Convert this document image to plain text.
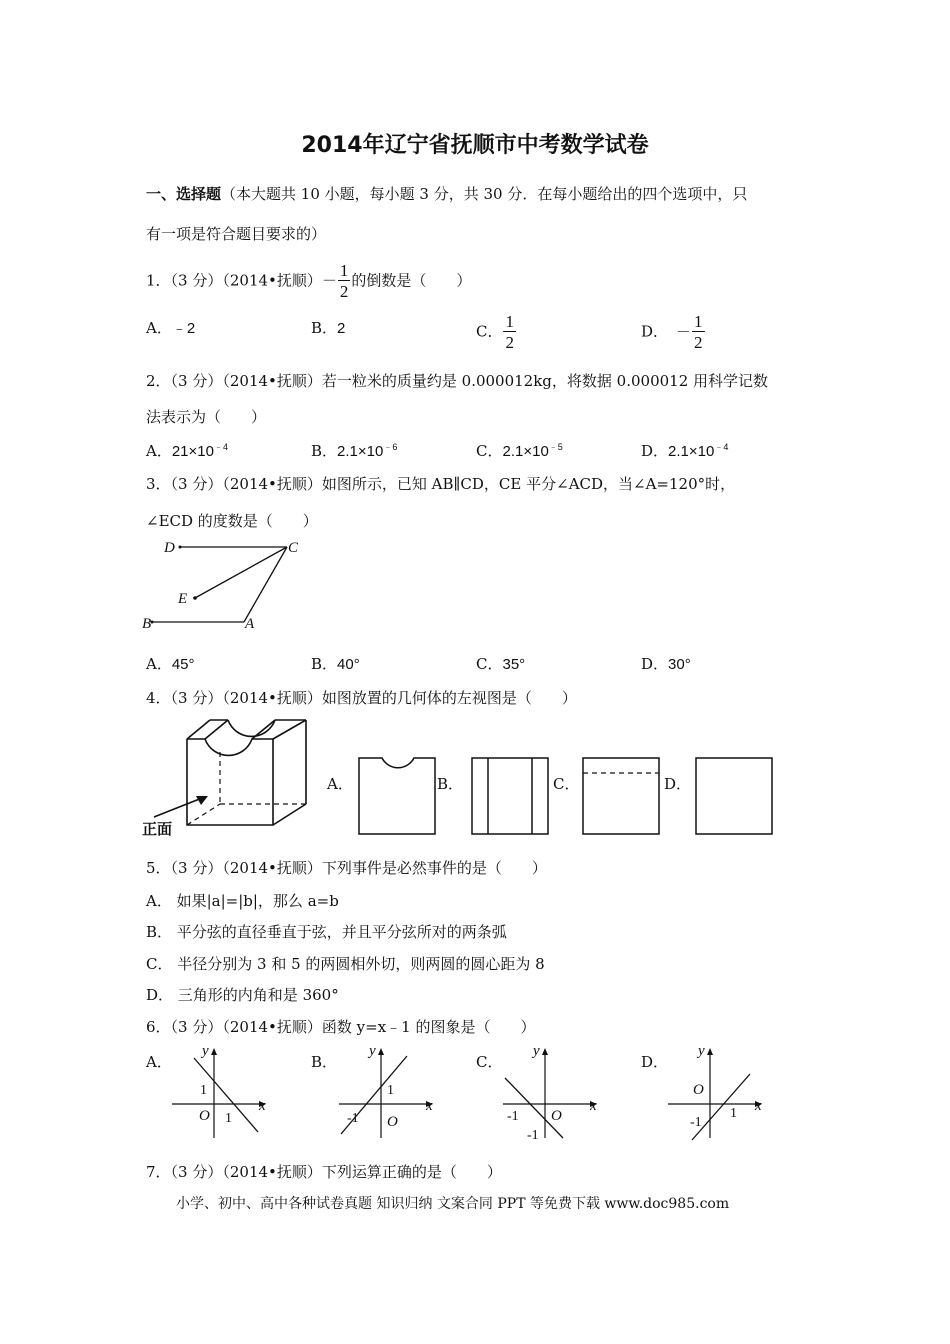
2014年辽宁省抚顺市中考数学试卷
一、选择题（本大题共 10 小题，每小题 3 分，共 30 分．在每小题给出的四个选项中，只
有一项是符合题目要求的）
1．（3 分）（2014•抚顺）－ $\frac{1}{2}$ 的倒数是（　　）
A．﹣2	B．2	C． $\frac{1}{2}$	D． － $\frac{1}{2}$
2．（3 分）（2014•抚顺）若一粒米的质量约是 0.000012kg，将数据 0.000012 用科学记数
法表示为（　　）
A．$21\times 10^{﹣4}$	B．$2.1\times 10^{﹣6}$	C．$2.1\times 10^{﹣5}$	D．$2.1\times 10^{﹣4}$
3．（3 分）（2014•抚顺）如图所示，已知 AB∥CD，CE 平分∠ACD，当∠A=120°时，
∠ECD 的度数是（　　）
D	C
E
B	A
A．45°	B．40°	C．35°	D．30°
4．（3 分）（2014•抚顺）如图放置的几何体的左视图是（　　）
正面
A．	B．	C．	D．
5．（3 分）（2014•抚顺）下列事件是必然事件的是（　　）
A． 如果|a|=|b|，那么 a=b
B． 平分弦的直径垂直于弦，并且平分弦所对的两条弧
C． 半径分别为 3 和 5 的两圆相外切，则两圆的圆心距为 8
D． 三角形的内角和是 360°
6．（3 分）（2014•抚顺）函数 y=x﹣1 的图象是（　　）
A．
x
y
O
1
1
B．
x
y
O
1
-1
C．
x
y
O
-1
-1
D．
x
y
O
1
-1
7．（3 分）（2014•抚顺）下列运算正确的是（　　）
小学、初中、高中各种试卷真题 知识归纳 文案合同 PPT 等免费下载 www.doc985.com
